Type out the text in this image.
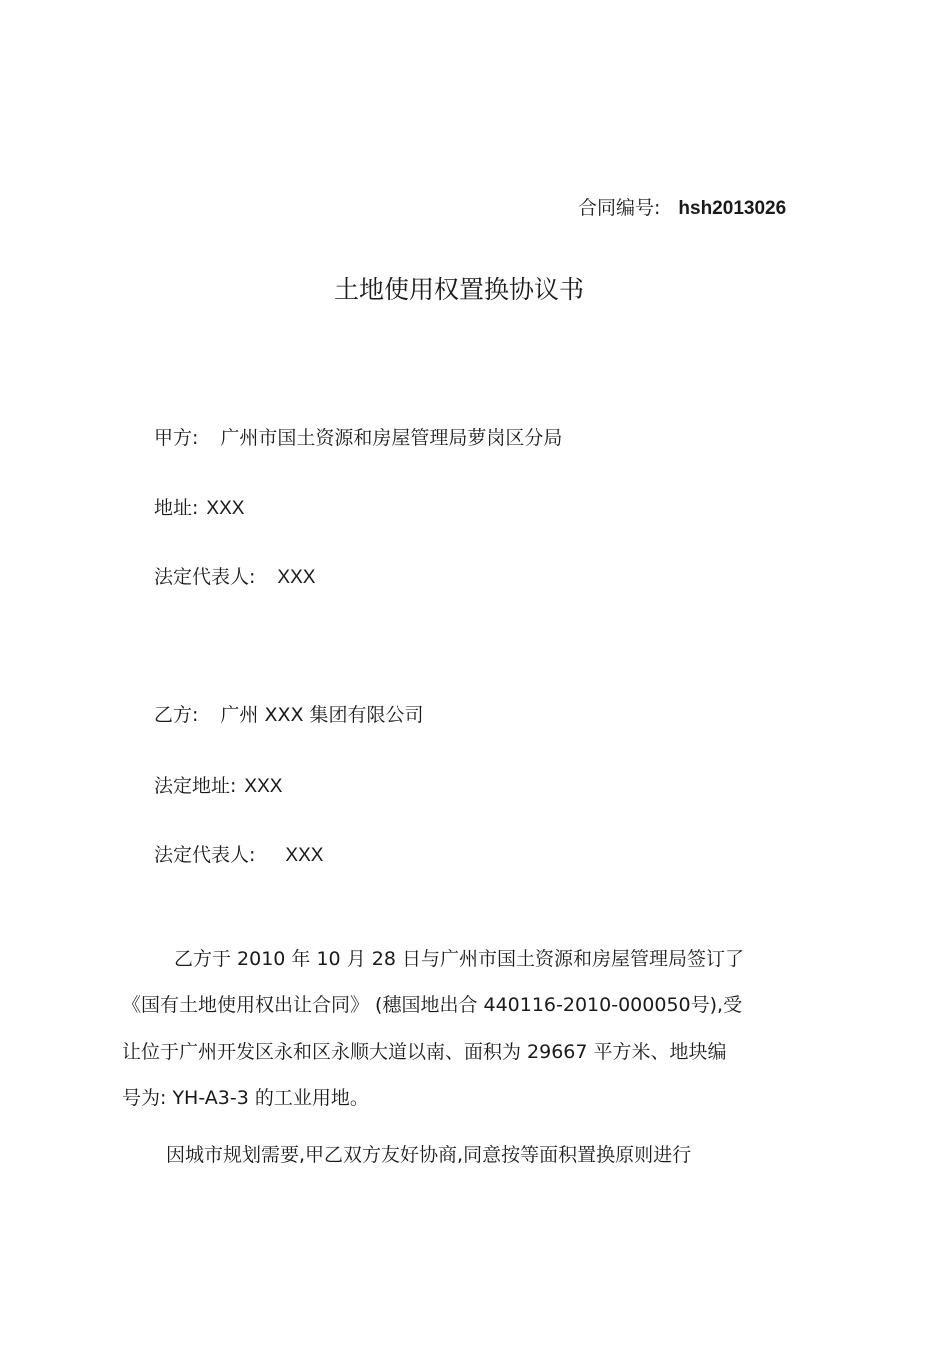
合同编号: hsh2013026
土地使用权置换协议书
甲方: 广州市国土资源和房屋管理局萝岗区分局
地址: XXX
法定代表人: XXX
乙方: 广州 XXX 集团有限公司
法定地址: XXX
法定代表人: XXX
乙方于 2010 年 10 月 28 日与广州市国土资源和房屋管理局签订了
《国有土地使用权出让合同》 (穗国地出合 440116-2010-000050号),受
让位于广州开发区永和区永顺大道以南、面积为 29667 平方米、地块编
号为: YH-A3-3 的工业用地。
因城市规划需要,甲乙双方友好协商,同意按等面积置换原则进行
